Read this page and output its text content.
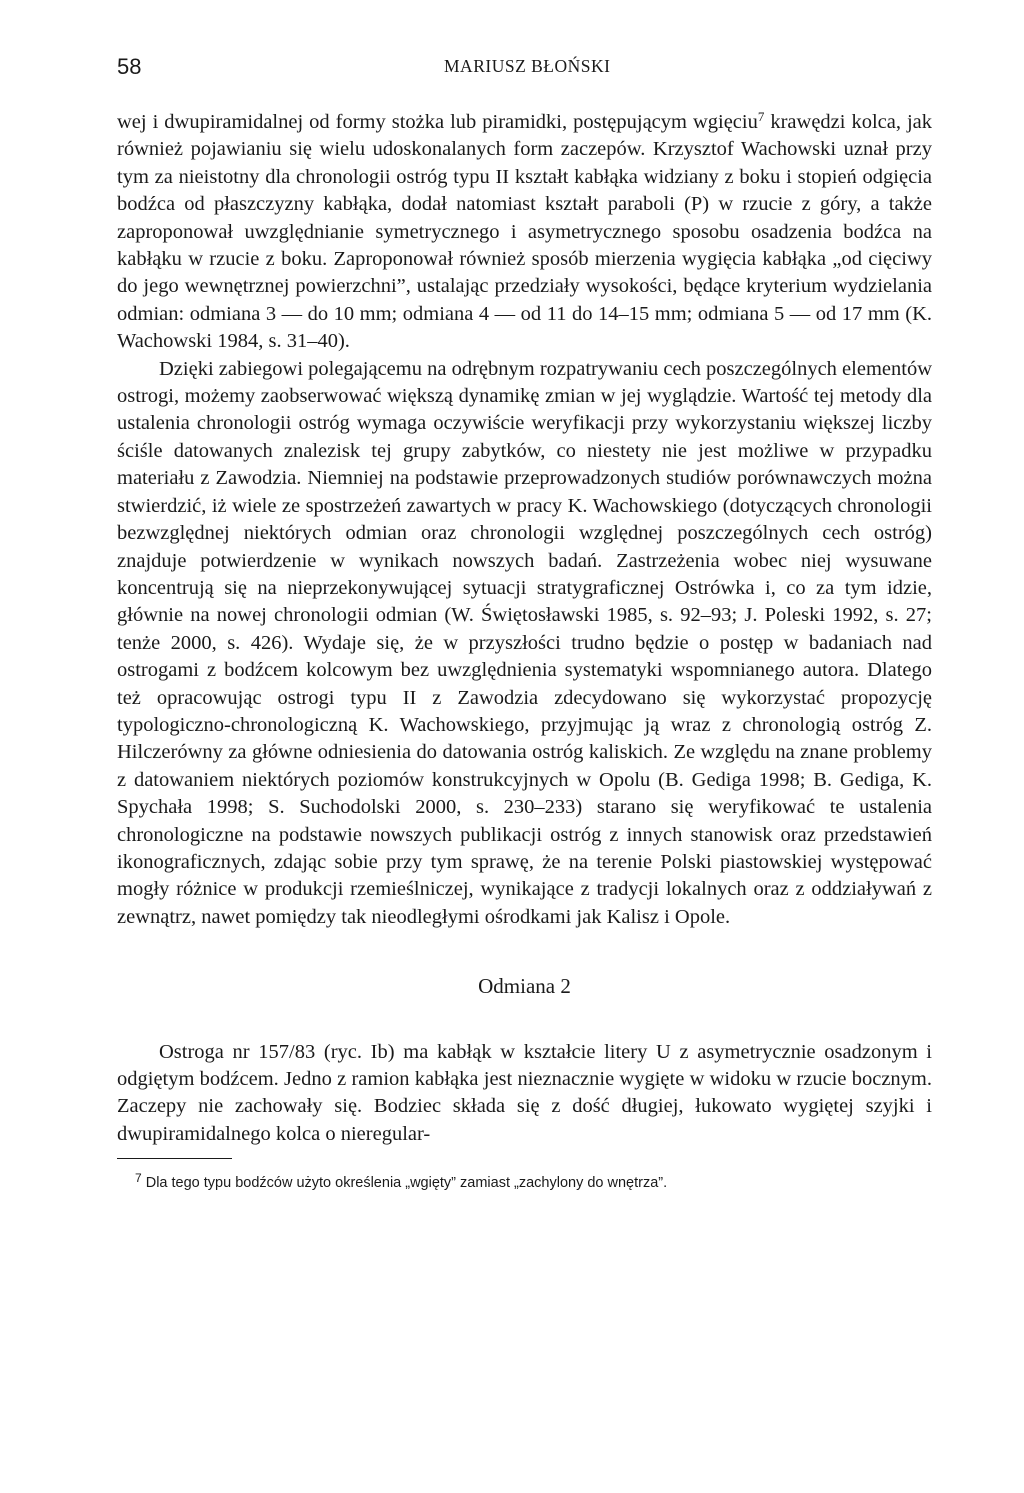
58	MARIUSZ BŁOŃSKI

wej i dwupiramidalnej od formy stożka lub piramidki, postępującym wgięciu$^7$ krawędzi kolca, jak również pojawianiu się wielu udoskonalanych form zaczepów. Krzysztof Wachowski uznał przy tym za nieistotny dla chronologii ostróg typu II kształt kabłąka widziany z boku i stopień odgięcia bodźca od płaszczyzny kabłąka, dodał natomiast kształt paraboli (P) w rzucie z góry, a także zaproponował uwzględnianie symetrycznego i asymetrycznego sposobu osadzenia bodźca na kabłąku w rzucie z boku. Zaproponował również sposób mierzenia wygięcia kabłąka „od cięciwy do jego wewnętrznej powierzchni”, ustalając przedziały wysokości, będące kryterium wydzielania odmian: odmiana 3 — do 10 mm; odmiana 4 — od 11 do 14–15 mm; odmiana 5 — od 17 mm (K. Wachowski 1984, s. 31–40).

Dzięki zabiegowi polegającemu na odrębnym rozpatrywaniu cech poszczególnych elementów ostrogi, możemy zaobserwować większą dynamikę zmian w jej wyglądzie. Wartość tej metody dla ustalenia chronologii ostróg wymaga oczywiście weryfikacji przy wykorzystaniu większej liczby ściśle datowanych znalezisk tej grupy zabytków, co niestety nie jest możliwe w przypadku materiału z Zawodzia. Niemniej na podstawie przeprowadzonych studiów porównawczych można stwierdzić, iż wiele ze spostrzeżeń zawartych w pracy K. Wachowskiego (dotyczących chronologii bezwzględnej niektórych odmian oraz chronologii względnej poszczególnych cech ostróg) znajduje potwierdzenie w wynikach nowszych badań. Zastrzeżenia wobec niej wysuwane koncentrują się na nieprzekonywującej sytuacji stratygraficznej Ostrówka i, co za tym idzie, głównie na nowej chronologii odmian (W. Świętosławski 1985, s. 92–93; J. Poleski 1992, s. 27; tenże 2000, s. 426). Wydaje się, że w przyszłości trudno będzie o postęp w badaniach nad ostrogami z bodźcem kolcowym bez uwzględnienia systematyki wspomnianego autora. Dlatego też opracowując ostrogi typu II z Zawodzia zdecydowano się wykorzystać propozycję typologiczno-chronologiczną K. Wachowskiego, przyjmując ją wraz z chronologią ostróg Z. Hilczerówny za główne odniesienia do datowania ostróg kaliskich. Ze względu na znane problemy z datowaniem niektórych poziomów konstrukcyjnych w Opolu (B. Gediga 1998; B. Gediga, K. Spychała 1998; S. Suchodolski 2000, s. 230–233) starano się weryfikować te ustalenia chronologiczne na podstawie nowszych publikacji ostróg z innych stanowisk oraz przedstawień ikonograficznych, zdając sobie przy tym sprawę, że na terenie Polski piastowskiej występować mogły różnice w produkcji rzemieślniczej, wynikające z tradycji lokalnych oraz z oddziaływań z zewnątrz, nawet pomiędzy tak nieodległymi ośrodkami jak Kalisz i Opole.

Odmiana 2

Ostroga nr 157/83 (ryc. Ib) ma kabłąk w kształcie litery U z asymetrycznie osadzonym i odgiętym bodźcem. Jedno z ramion kabłąka jest nieznacznie wygięte w widoku w rzucie bocznym. Zaczepy nie zachowały się. Bodziec składa się z dość długiej, łukowato wygiętej szyjki i dwupiramidalnego kolca o nieregular-

$^7$ Dla tego typu bodźców użyto określenia „wgięty” zamiast „zachylony do wnętrza”.
